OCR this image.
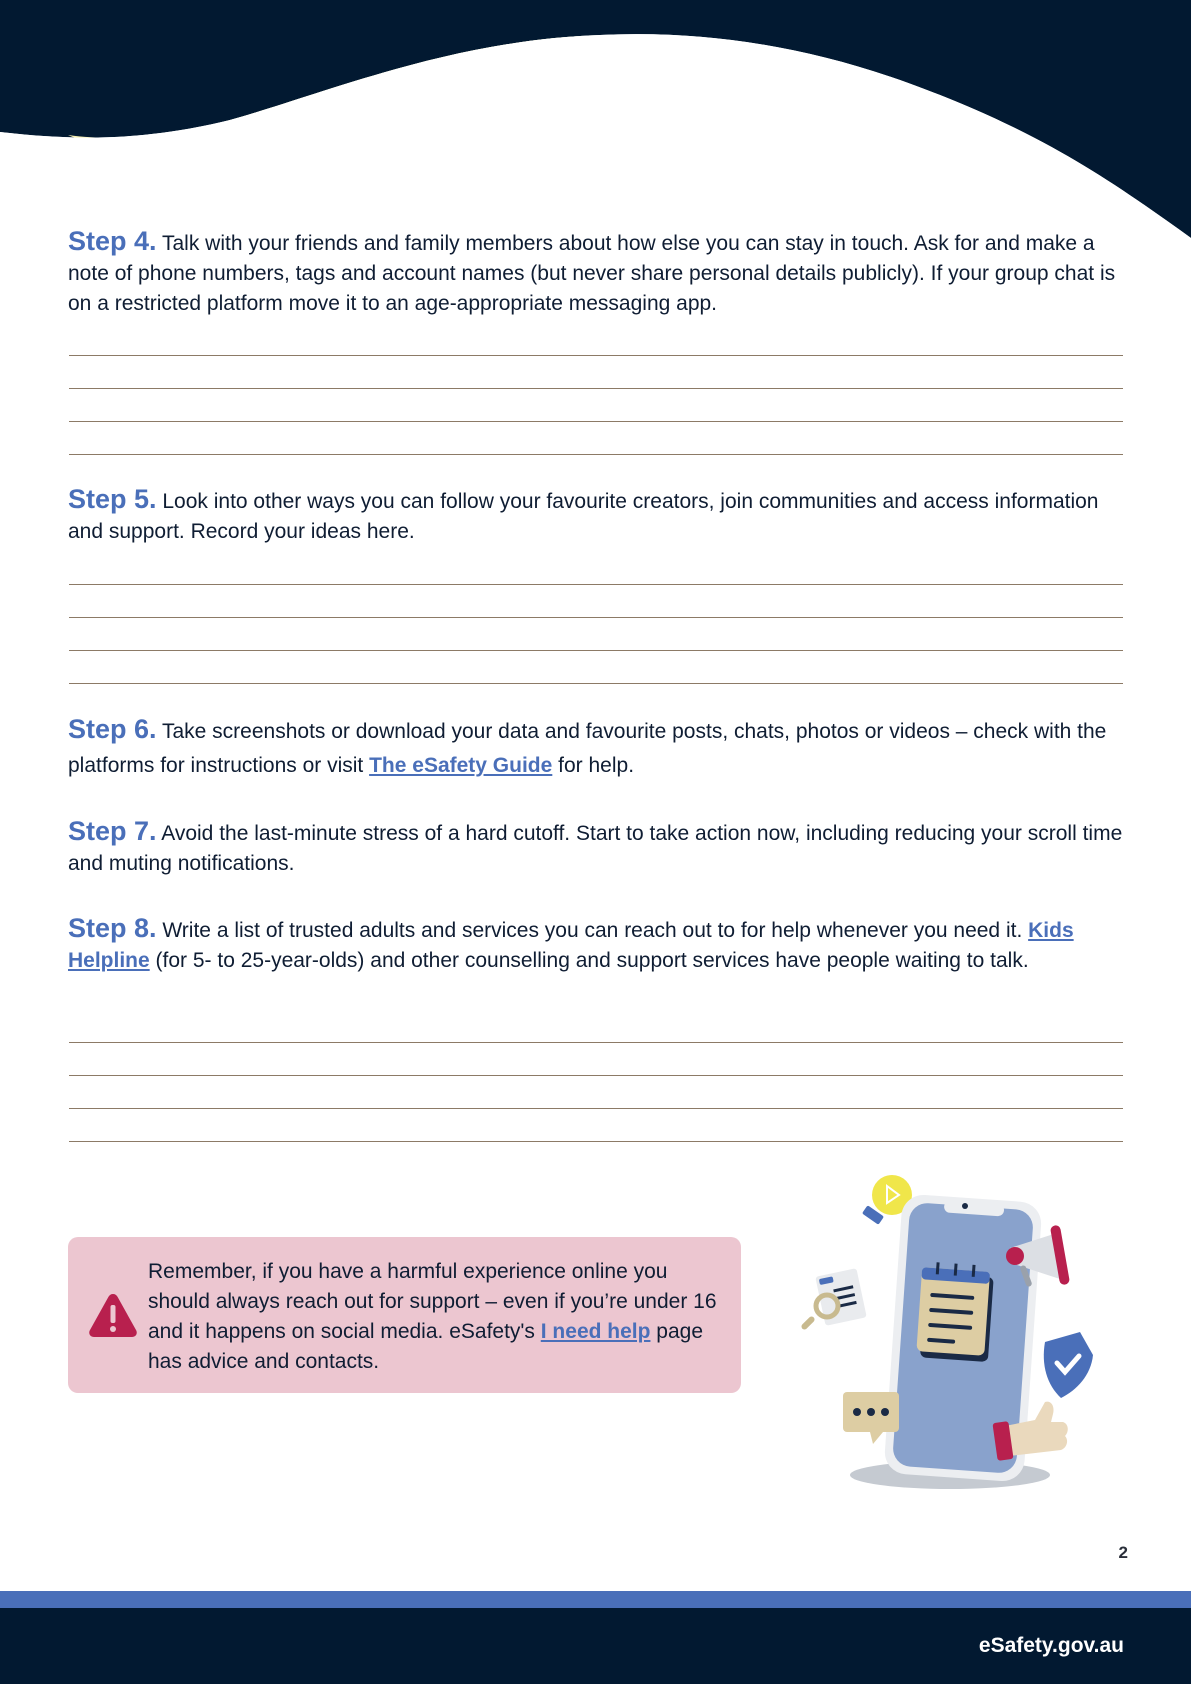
Step 4. Talk with your friends and family members about how else you can stay in touch. Ask for and make a note of phone numbers, tags and account names (but never share personal details publicly). If your group chat is on a restricted platform move it to an age-appropriate messaging app.

Step 5. Look into other ways you can follow your favourite creators, join communities and access information and support. Record your ideas here.

Step 6. Take screenshots or download your data and favourite posts, chats, photos or videos – check with the platforms for instructions or visit The eSafety Guide for help.

Step 7. Avoid the last-minute stress of a hard cutoff. Start to take action now, including reducing your scroll time and muting notifications.

Step 8. Write a list of trusted adults and services you can reach out to for help whenever you need it. Kids Helpline (for 5- to 25-year-olds) and other counselling and support services have people waiting to talk.

Remember, if you have a harmful experience online you should always reach out for support – even if you’re under 16 and it happens on social media. eSafety's I need help page has advice and contacts.

2
eSafety.gov.au
